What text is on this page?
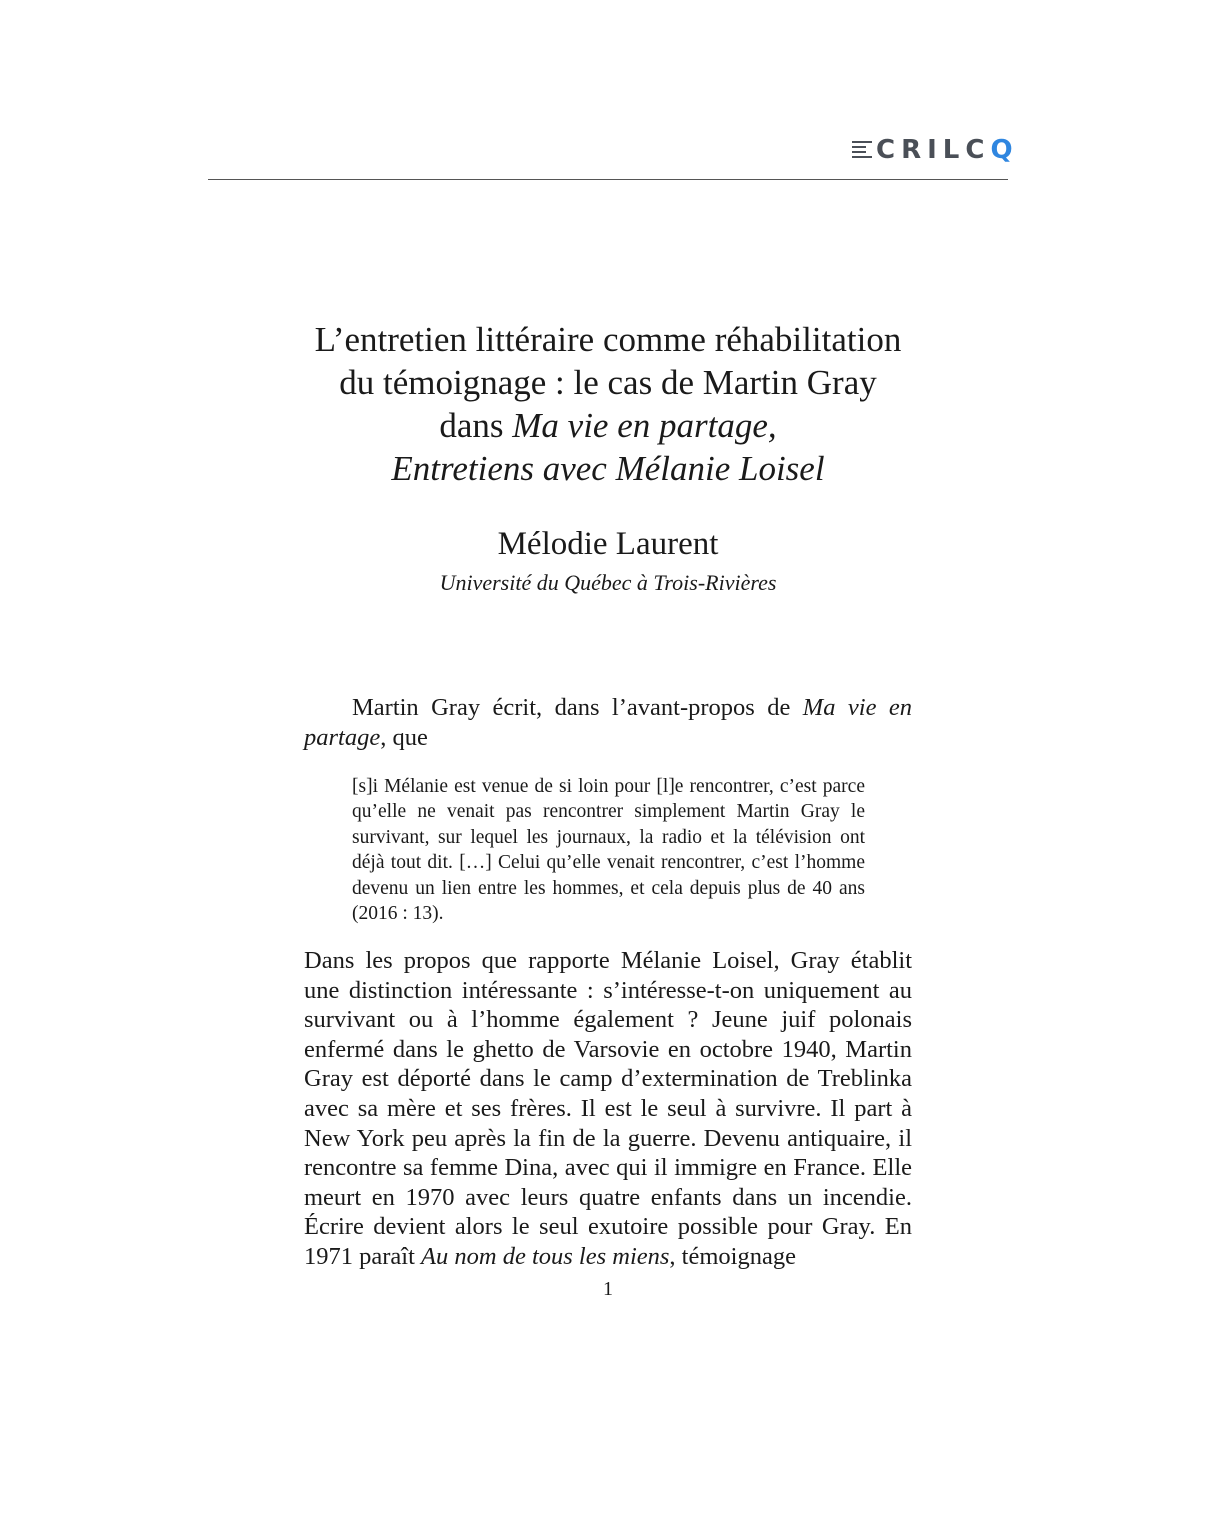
CRILCQ
L’entretien littéraire comme réhabilitation
du témoignage : le cas de Martin Gray
dans Ma vie en partage,
Entretiens avec Mélanie Loisel

Mélodie Laurent

Université du Québec à Trois-Rivières

Martin Gray écrit, dans l’avant-propos de Ma vie en partage, que

[s]i Mélanie est venue de si loin pour [l]e rencontrer, c’est parce qu’elle ne venait pas rencontrer simplement Martin Gray le survivant, sur lequel les journaux, la radio et la télévision ont déjà tout dit. […] Celui qu’elle venait rencontrer, c’est l’homme devenu un lien entre les hommes, et cela depuis plus de 40 ans (2016 : 13).

Dans les propos que rapporte Mélanie Loisel, Gray établit une distinction intéressante : s’intéresse-t-on uniquement au survivant ou à l’homme également ? Jeune juif polonais enfermé dans le ghetto de Varsovie en octobre 1940, Martin Gray est déporté dans le camp d’extermination de Treblinka avec sa mère et ses frères. Il est le seul à survivre. Il part à New York peu après la fin de la guerre. Devenu antiquaire, il rencontre sa femme Dina, avec qui il immigre en France. Elle meurt en 1970 avec leurs quatre enfants dans un incendie. Écrire devient alors le seul exutoire possible pour Gray. En 1971 paraît Au nom de tous les miens, témoignage

1
